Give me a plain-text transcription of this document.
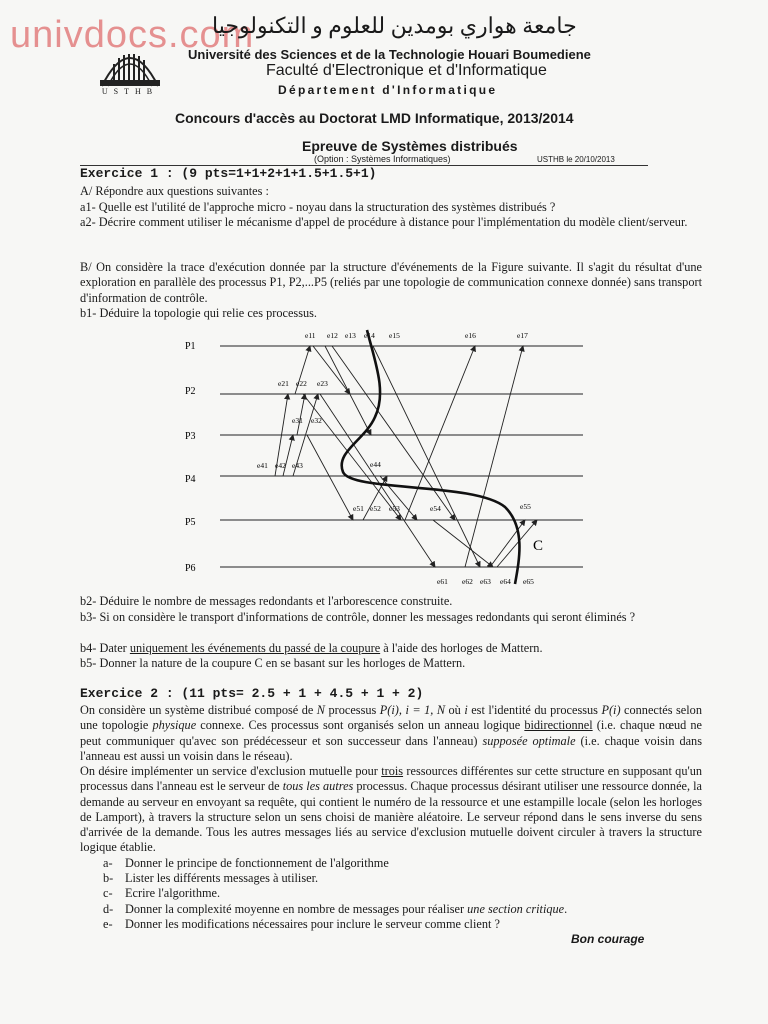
univdocs.com
جامعة هواري بومدين للعلوم و التكنولوجيا
USTHB
Université des Sciences et de la Technologie Houari Boumediene
Faculté d'Electronique et d'Informatique
Département d'Informatique
Concours d'accès au Doctorat LMD Informatique, 2013/2014
Epreuve de Systèmes distribués
(Option : Systèmes Informatiques)	USTHB le 20/10/2013
Exercice 1 : (9 pts=1+1+2+1+1.5+1.5+1)
A/ Répondre aux questions suivantes :
a1- Quelle est l'utilité de l'approche micro - noyau dans la structuration des systèmes distribués ?
a2- Décrire comment utiliser le mécanisme d'appel de procédure à distance pour l'implémentation du modèle client/serveur.
B/ On considère la trace d'exécution donnée par la structure d'événements de la Figure suivante. Il s'agit du résultat d'une exploration en parallèle des processus P1, P2,...P5 (reliés par une topologie de communication connexe donnée) sans transport d'information de contrôle.
b1- Déduire la topologie qui relie ces processus.
P1
P2
P3
P4
P5
P6
e11 e12 e13 e14 e15	e16	e17
e21 e22 e23
e31 e32
e41 e42 e43	e44
e51 e52 e53	e54	e55
e61 e62 e63 e64 e65
C
b2- Déduire le nombre de messages redondants et l'arborescence construite.
b3- Si on considère le transport d'informations de contrôle, donner les messages redondants qui seront éliminés ?
b4- Dater uniquement les événements du passé de la coupure à l'aide des horloges de Mattern.
b5- Donner la nature de la coupure C en se basant sur les horloges de Mattern.
Exercice 2 : (11 pts= 2.5 + 1 + 4.5 + 1 + 2)
On considère un système distribué composé de N processus P(i), i = 1, N où i est l'identité du processus P(i) connectés selon une topologie physique connexe. Ces processus sont organisés selon un anneau logique bidirectionnel (i.e. chaque nœud ne peut communiquer qu'avec son prédécesseur et son successeur dans l'anneau) supposée optimale (i.e. chaque voisin dans l'anneau est aussi un voisin dans le réseau).
On désire implémenter un service d'exclusion mutuelle pour trois ressources différentes sur cette structure en supposant qu'un processus dans l'anneau est le serveur de tous les autres processus. Chaque processus désirant utiliser une ressource donnée, la demande au serveur en envoyant sa requête, qui contient le numéro de la ressource et une estampille locale (selon les horloges de Lamport), à travers la structure selon un sens choisi de manière aléatoire. Le serveur répond dans le sens inverse du sens d'arrivée de la demande. Tous les autres messages liés au service d'exclusion mutuelle doivent circuler à travers la structure logique établie.
a- Donner le principe de fonctionnement de l'algorithme
b- Lister les différents messages à utiliser.
c- Ecrire l'algorithme.
d- Donner la complexité moyenne en nombre de messages pour réaliser une section critique.
e- Donner les modifications nécessaires pour inclure le serveur comme client ?
Bon courage
